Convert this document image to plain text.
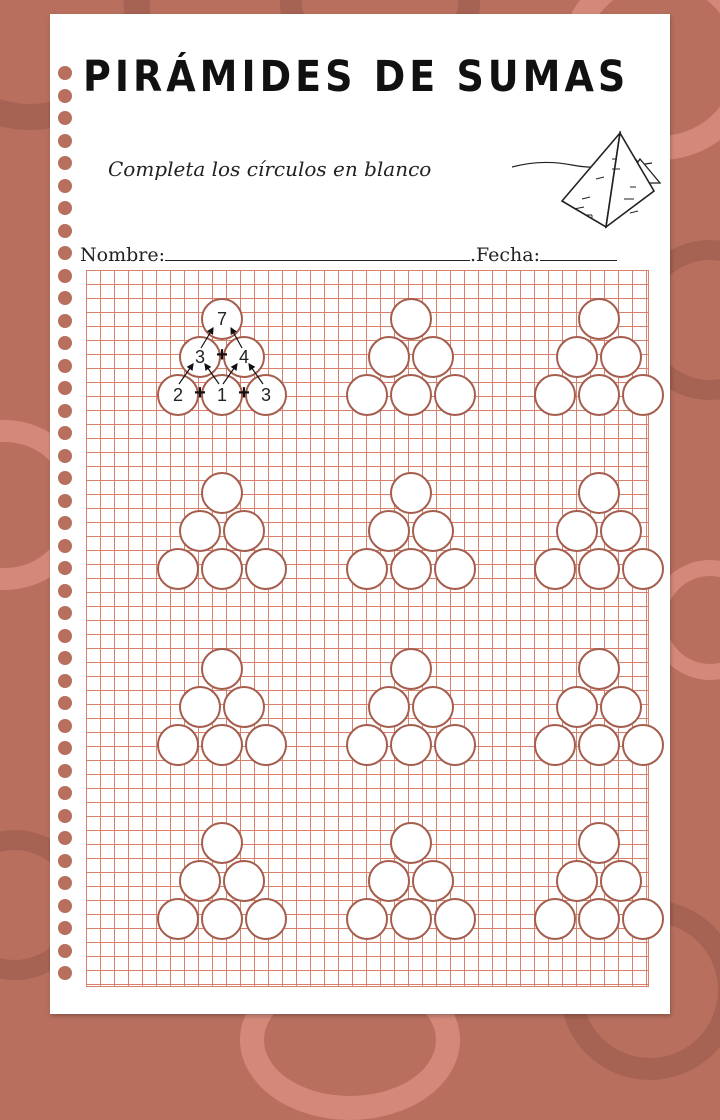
PIRÁMIDES DE SUMAS
Completa los círculos en blanco
Nombre:	.Fecha:
7
3	4
2	1	3
+
+ +
